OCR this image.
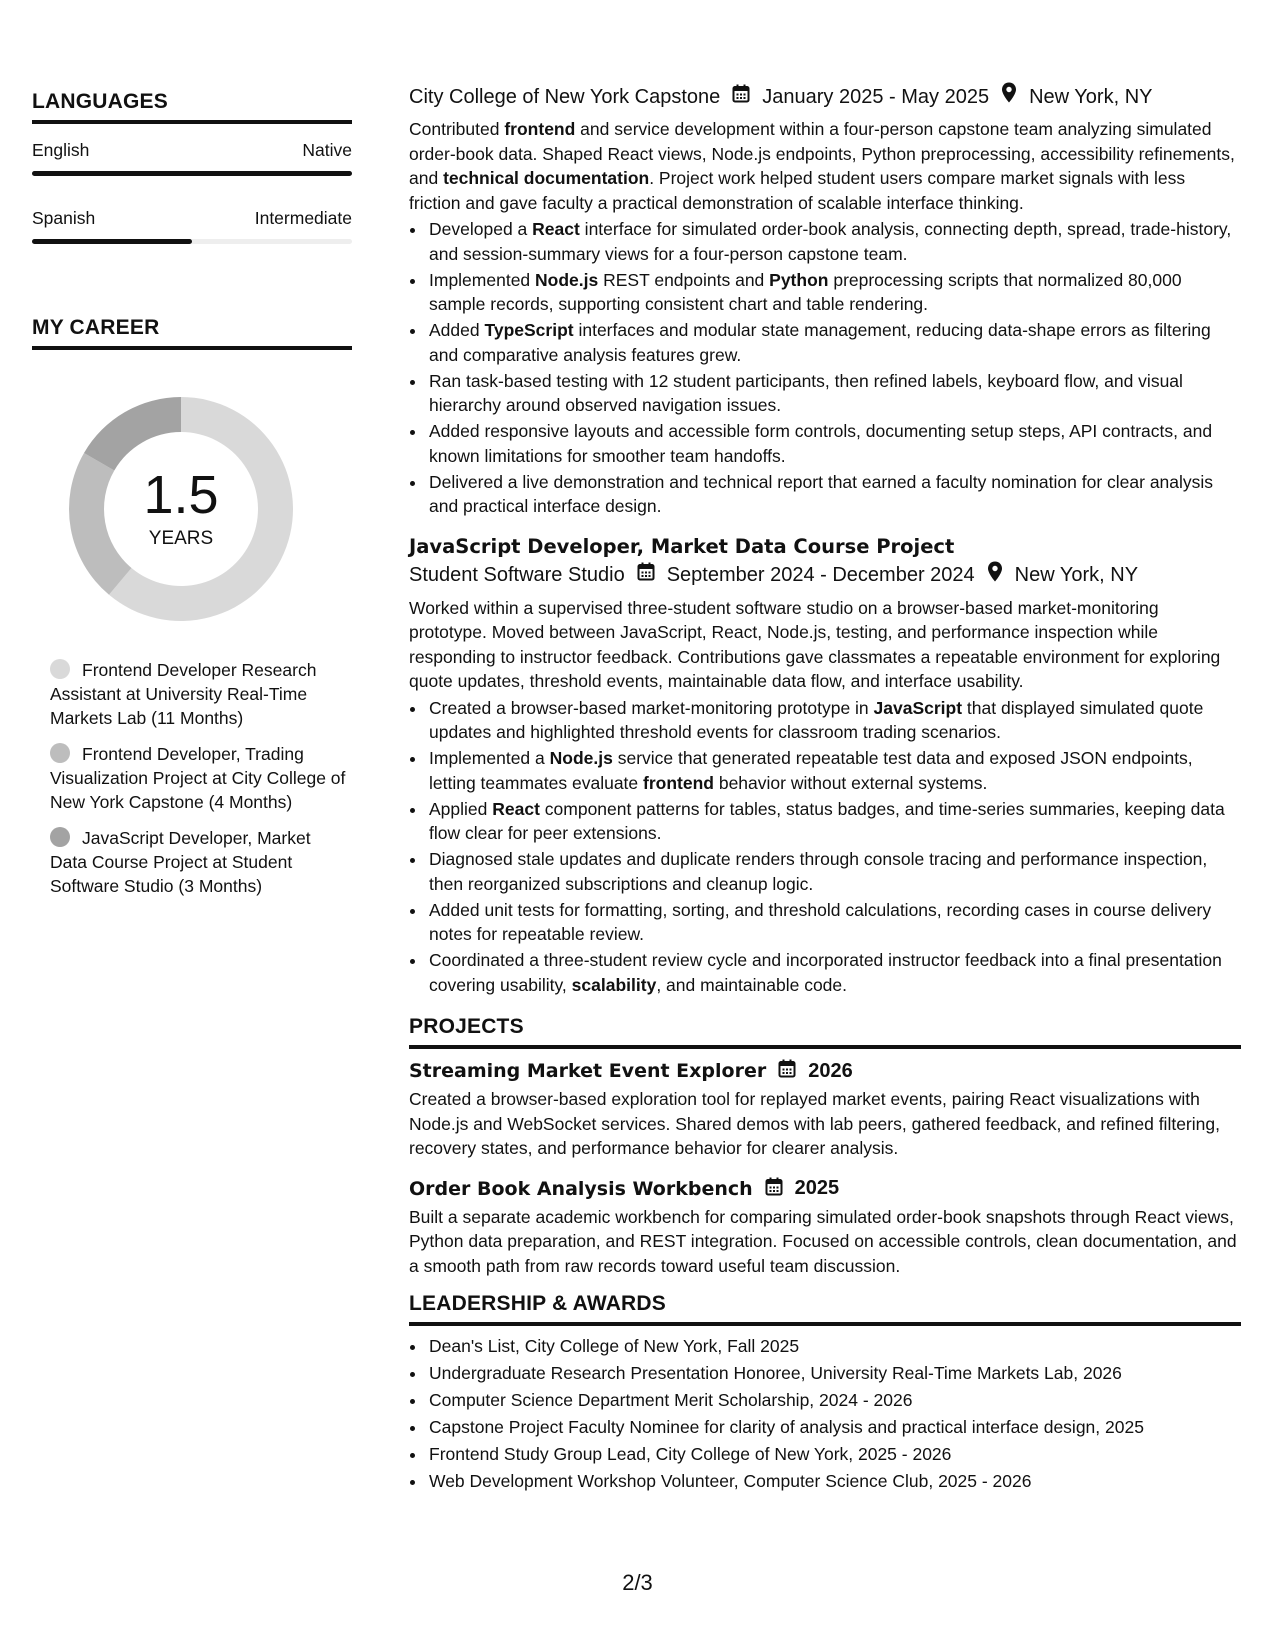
LANGUAGES
English	Native
Spanish	Intermediate
MY CAREER
1.5
YEARS
Frontend Developer Research Assistant at University Real-Time Markets Lab (11 Months)
Frontend Developer, Trading Visualization Project at City College of New York Capstone (4 Months)
JavaScript Developer, Market Data Course Project at Student Software Studio (3 Months)
City College of New York Capstone January 2025 - May 2025 New York, NY

Contributed frontend and service development within a four-person capstone team analyzing simulated order-book data. Shaped React views, Node.js endpoints, Python preprocessing, accessibility refinements, and technical documentation. Project work helped student users compare market signals with less friction and gave faculty a practical demonstration of scalable interface thinking.

• Developed a React interface for simulated order-book analysis, connecting depth, spread, trade-history, and session-summary views for a four-person capstone team.
• Implemented Node.js REST endpoints and Python preprocessing scripts that normalized 80,000 sample records, supporting consistent chart and table rendering.
• Added TypeScript interfaces and modular state management, reducing data-shape errors as filtering and comparative analysis features grew.
• Ran task-based testing with 12 student participants, then refined labels, keyboard flow, and visual hierarchy around observed navigation issues.
• Added responsive layouts and accessible form controls, documenting setup steps, API contracts, and known limitations for smoother team handoffs.
• Delivered a live demonstration and technical report that earned a faculty nomination for clear analysis and practical interface design.
JavaScript Developer, Market Data Course Project
Student Software Studio September 2024 - December 2024 New York, NY

Worked within a supervised three-student software studio on a browser-based market-monitoring prototype. Moved between JavaScript, React, Node.js, testing, and performance inspection while responding to instructor feedback. Contributions gave classmates a repeatable environment for exploring quote updates, threshold events, maintainable data flow, and interface usability.

• Created a browser-based market-monitoring prototype in JavaScript that displayed simulated quote updates and highlighted threshold events for classroom trading scenarios.
• Implemented a Node.js service that generated repeatable test data and exposed JSON endpoints, letting teammates evaluate frontend behavior without external systems.
• Applied React component patterns for tables, status badges, and time-series summaries, keeping data flow clear for peer extensions.
• Diagnosed stale updates and duplicate renders through console tracing and performance inspection, then reorganized subscriptions and cleanup logic.
• Added unit tests for formatting, sorting, and threshold calculations, recording cases in course delivery notes for repeatable review.
• Coordinated a three-student review cycle and incorporated instructor feedback into a final presentation covering usability, scalability, and maintainable code.
PROJECTS
Streaming Market Event Explorer 2026

Created a browser-based exploration tool for replayed market events, pairing React visualizations with Node.js and WebSocket services. Shared demos with lab peers, gathered feedback, and refined filtering, recovery states, and performance behavior for clearer analysis.

Order Book Analysis Workbench 2025

Built a separate academic workbench for comparing simulated order-book snapshots through React views, Python data preparation, and REST integration. Focused on accessible controls, clean documentation, and a smooth path from raw records toward useful team discussion.

LEADERSHIP & AWARDS
• Dean's List, City College of New York, Fall 2025
• Undergraduate Research Presentation Honoree, University Real-Time Markets Lab, 2026
• Computer Science Department Merit Scholarship, 2024 - 2026
• Capstone Project Faculty Nominee for clarity of analysis and practical interface design, 2025
• Frontend Study Group Lead, City College of New York, 2025 - 2026
• Web Development Workshop Volunteer, Computer Science Club, 2025 - 2026
2/3
